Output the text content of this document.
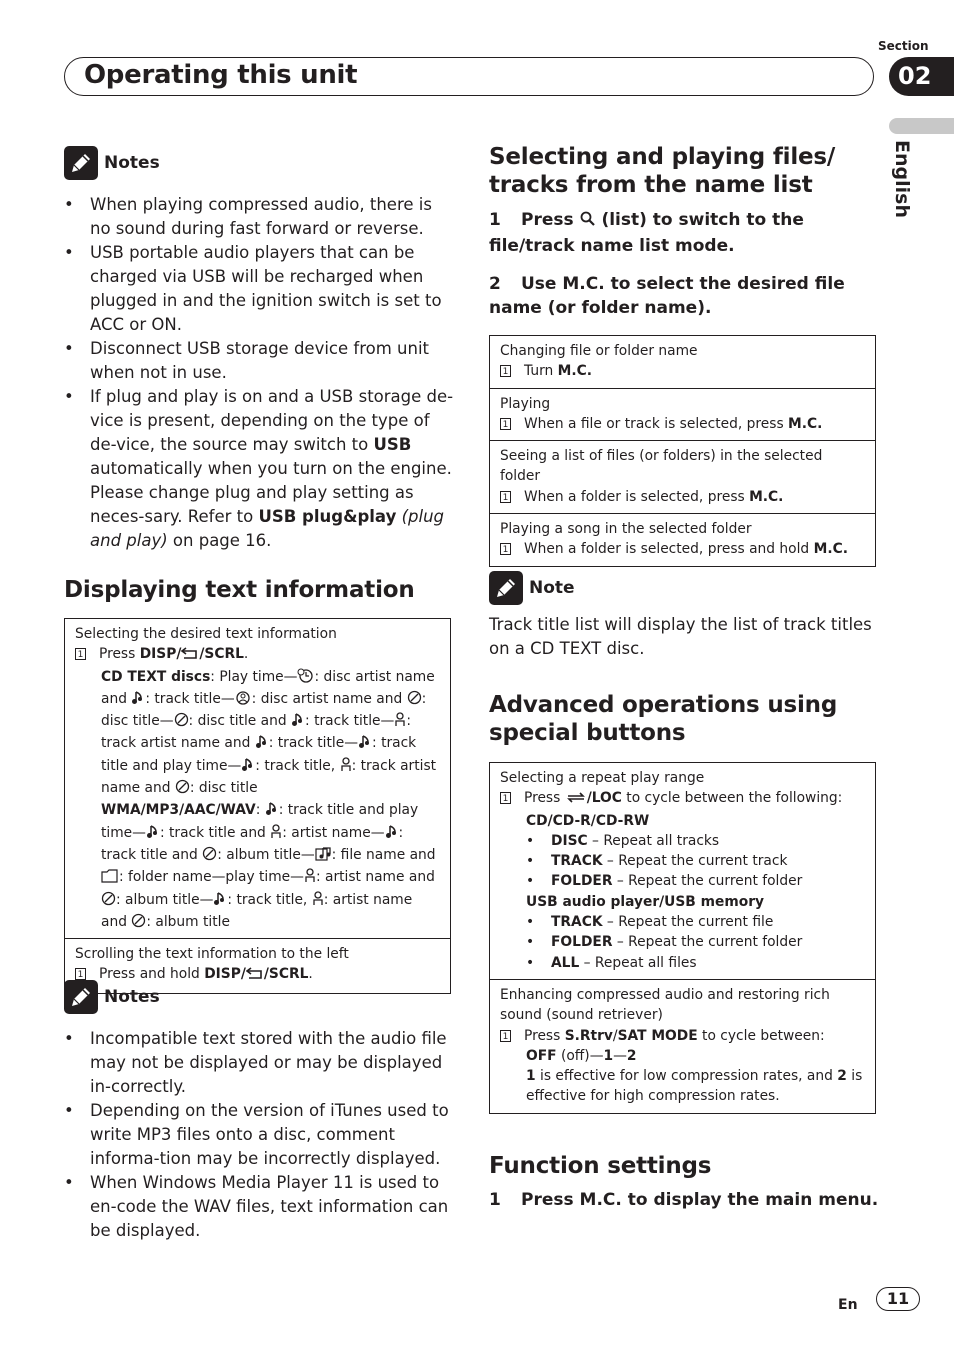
Section
Operating this unit	02
English
Notes
• When playing compressed audio, there is no sound during fast forward or reverse.
• USB portable audio players that can be charged via USB will be recharged when plugged in and the ignition switch is set to ACC or ON.
• Disconnect USB storage device from unit when not in use.
• If plug and play is on and a USB storage de-vice is present, depending on the type of de-vice, the source may switch to USB automatically when you turn on the engine. Please change plug and play setting as neces-sary. Refer to USB plug&play (plug and play) on page 16.
Displaying text information
Selecting the desired text information
1 Press DISP/ /SCRL.
CD TEXT discs: Play time— : disc artist name and : track title— : disc artist name and : disc title— : disc title and : track title— : track artist name and : track title— : track title and play time— : track title, : track artist name and : disc title
WMA/MP3/AAC/WAV: : track title and play time— : track title and : artist name— : track title and : album title— : file name and : folder name—play time— : artist name and : album title— : track title, : artist name and : album title
Scrolling the text information to the left
1 Press and hold DISP/ /SCRL.
Notes
• Incompatible text stored with the audio file may not be displayed or may be displayed in-correctly.
• Depending on the version of iTunes used to write MP3 files onto a disc, comment informa-tion may be incorrectly displayed.
• When Windows Media Player 11 is used to en-code the WAV files, text information can be displayed.
Selecting and playing files/ tracks from the name list
1 Press  (list) to switch to the file/track name list mode.
2 Use M.C. to select the desired file name (or folder name).
Changing file or folder name
1 Turn M.C.
Playing
1 When a file or track is selected, press M.C.
Seeing a list of files (or folders) in the selected folder
1 When a folder is selected, press M.C.
Playing a song in the selected folder
1 When a folder is selected, press and hold M.C.
Note
Track title list will display the list of track titles on a CD TEXT disc.
Advanced operations using special buttons
Selecting a repeat play range
1 Press /LOC to cycle between the following:
CD/CD-R/CD-RW
• DISC – Repeat all tracks
• TRACK – Repeat the current track
• FOLDER – Repeat the current folder
USB audio player/USB memory
• TRACK – Repeat the current file
• FOLDER – Repeat the current folder
• ALL – Repeat all files
Enhancing compressed audio and restoring rich sound (sound retriever)
1 Press S.Rtrv/SAT MODE to cycle between:
OFF (off)—1—2
1 is effective for low compression rates, and 2 is effective for high compression rates.
Function settings
1 Press M.C. to display the main menu.
En	11
